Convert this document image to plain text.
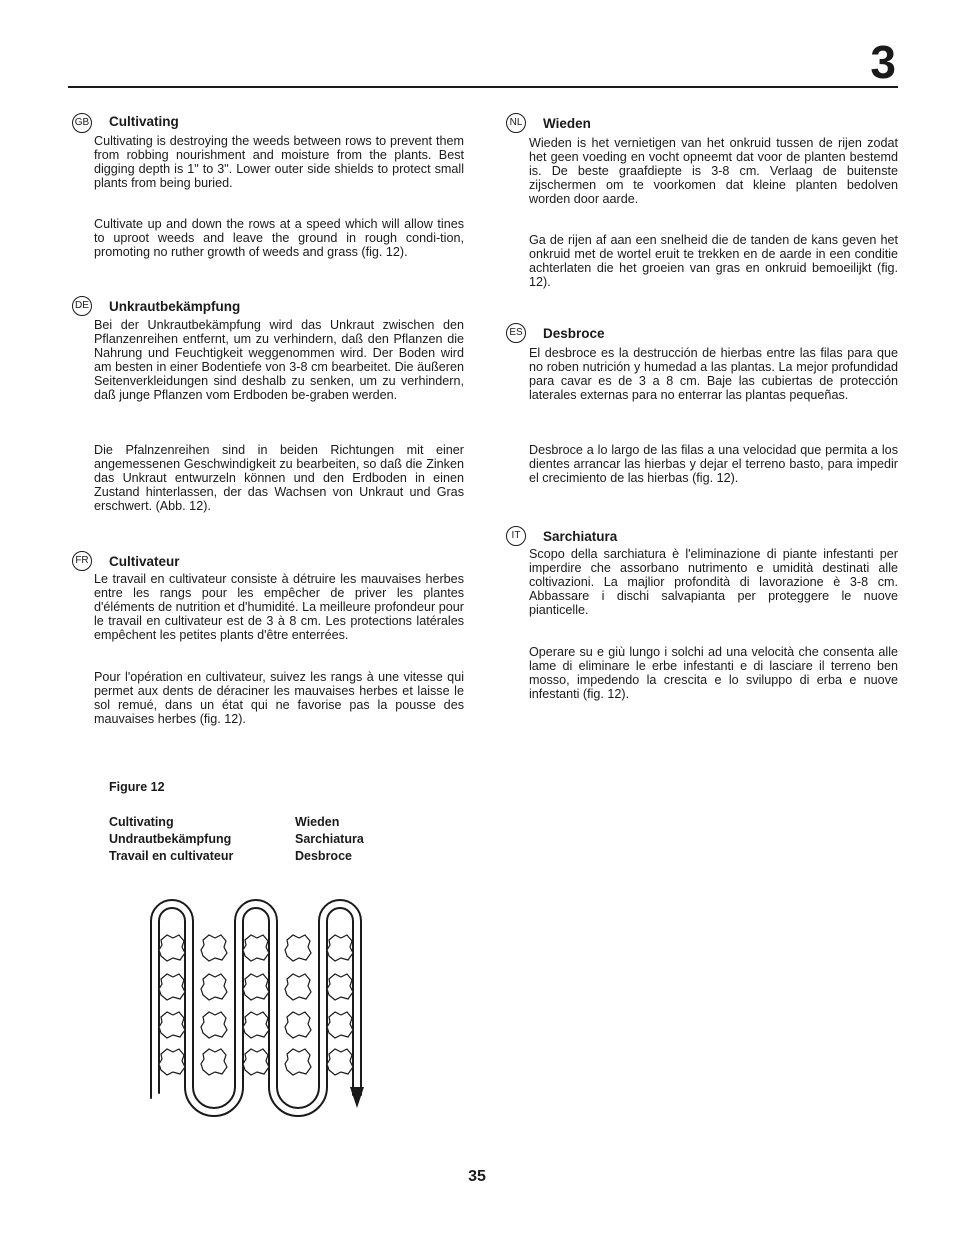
3
GB Cultivating

Cultivating is destroying the weeds between rows to prevent them from robbing nourishment and moisture from the plants. Best digging depth is 1" to 3". Lower outer side shields to protect small plants from being buried.

Cultivate up and down the rows at a speed which will allow tines to uproot weeds and leave the ground in rough condi-tion, promoting no ruther growth of weeds and grass (fig. 12).

DE Unkrautbekämpfung

Bei der Unkrautbekämpfung wird das Unkraut zwischen den Pflanzenreihen entfernt, um zu verhindern, daß den Pflanzen die Nahrung und Feuchtigkeit weggenommen wird. Der Boden wird am besten in einer Bodentiefe von 3-8 cm bearbeitet. Die äußeren Seitenverkleidungen sind deshalb zu senken, um zu verhindern, daß junge Pflanzen vom Erdboden be-graben werden.

Die Pfalnzenreihen sind in beiden Richtungen mit einer angemessenen Geschwindigkeit zu bearbeiten, so daß die Zinken das Unkraut entwurzeln können und den Erdboden in einen Zustand hinterlassen, der das Wachsen von Unkraut und Gras erschwert. (Abb. 12).

FR Cultivateur

Le travail en cultivateur consiste à détruire les mauvaises herbes entre les rangs pour les empêcher de priver les plantes d'éléments de nutrition et d'humidité. La meilleure profondeur pour le travail en cultivateur est de 3 à 8 cm. Les protections latérales empêchent les petites plants d'être enterrées.

Pour l'opération en cultivateur, suivez les rangs à une vitesse qui permet aux dents de déraciner les mauvaises herbes et laisse le sol remué, dans un état qui ne favorise pas la pousse des mauvaises herbes (fig. 12).

NL Wieden

Wieden is het vernietigen van het onkruid tussen de rijen zodat het geen voeding en vocht opneemt dat voor de planten bestemd is. De beste graafdiepte is 3-8 cm. Verlaag de buitenste zijschermen om te voorkomen dat kleine planten bedolven worden door aarde.

Ga de rijen af aan een snelheid die de tanden de kans geven het onkruid met de wortel eruit te trekken en de aarde in een conditie achterlaten die het groeien van gras en onkruid bemoeilijkt (fig. 12).

ES Desbroce

El desbroce es la destrucción de hierbas entre las filas para que no roben nutrición y humedad a las plantas. La mejor profundidad para cavar es de 3 a 8 cm. Baje las cubiertas de protección laterales externas para no enterrar las plantas pequeñas.

Desbroce a lo largo de las filas a una velocidad que permita a los dientes arrancar las hierbas y dejar el terreno basto, para impedir el crecimiento de las hierbas (fig. 12).

IT	Sarchiatura

Scopo della sarchiatura è l'eliminazione di piante infestanti per imperdire che assorbano nutrimento e umidità destinati alle coltivazioni. La majlior profondità di lavorazione è 3-8 cm. Abbassare i dischi salvapianta per proteggere le nuove pianticelle.

Operare su e giù lungo i solchi ad una velocità che consenta alle lame di eliminare le erbe infestanti e di lasciare il terreno ben mosso, impedendo la crescita e lo sviluppo di erba e nuove infestanti (fig. 12).

Figure 12
Cultivating
Undrautbekämpfung
Travail en cultivateur
Wieden
Sarchiatura
Desbroce
35
